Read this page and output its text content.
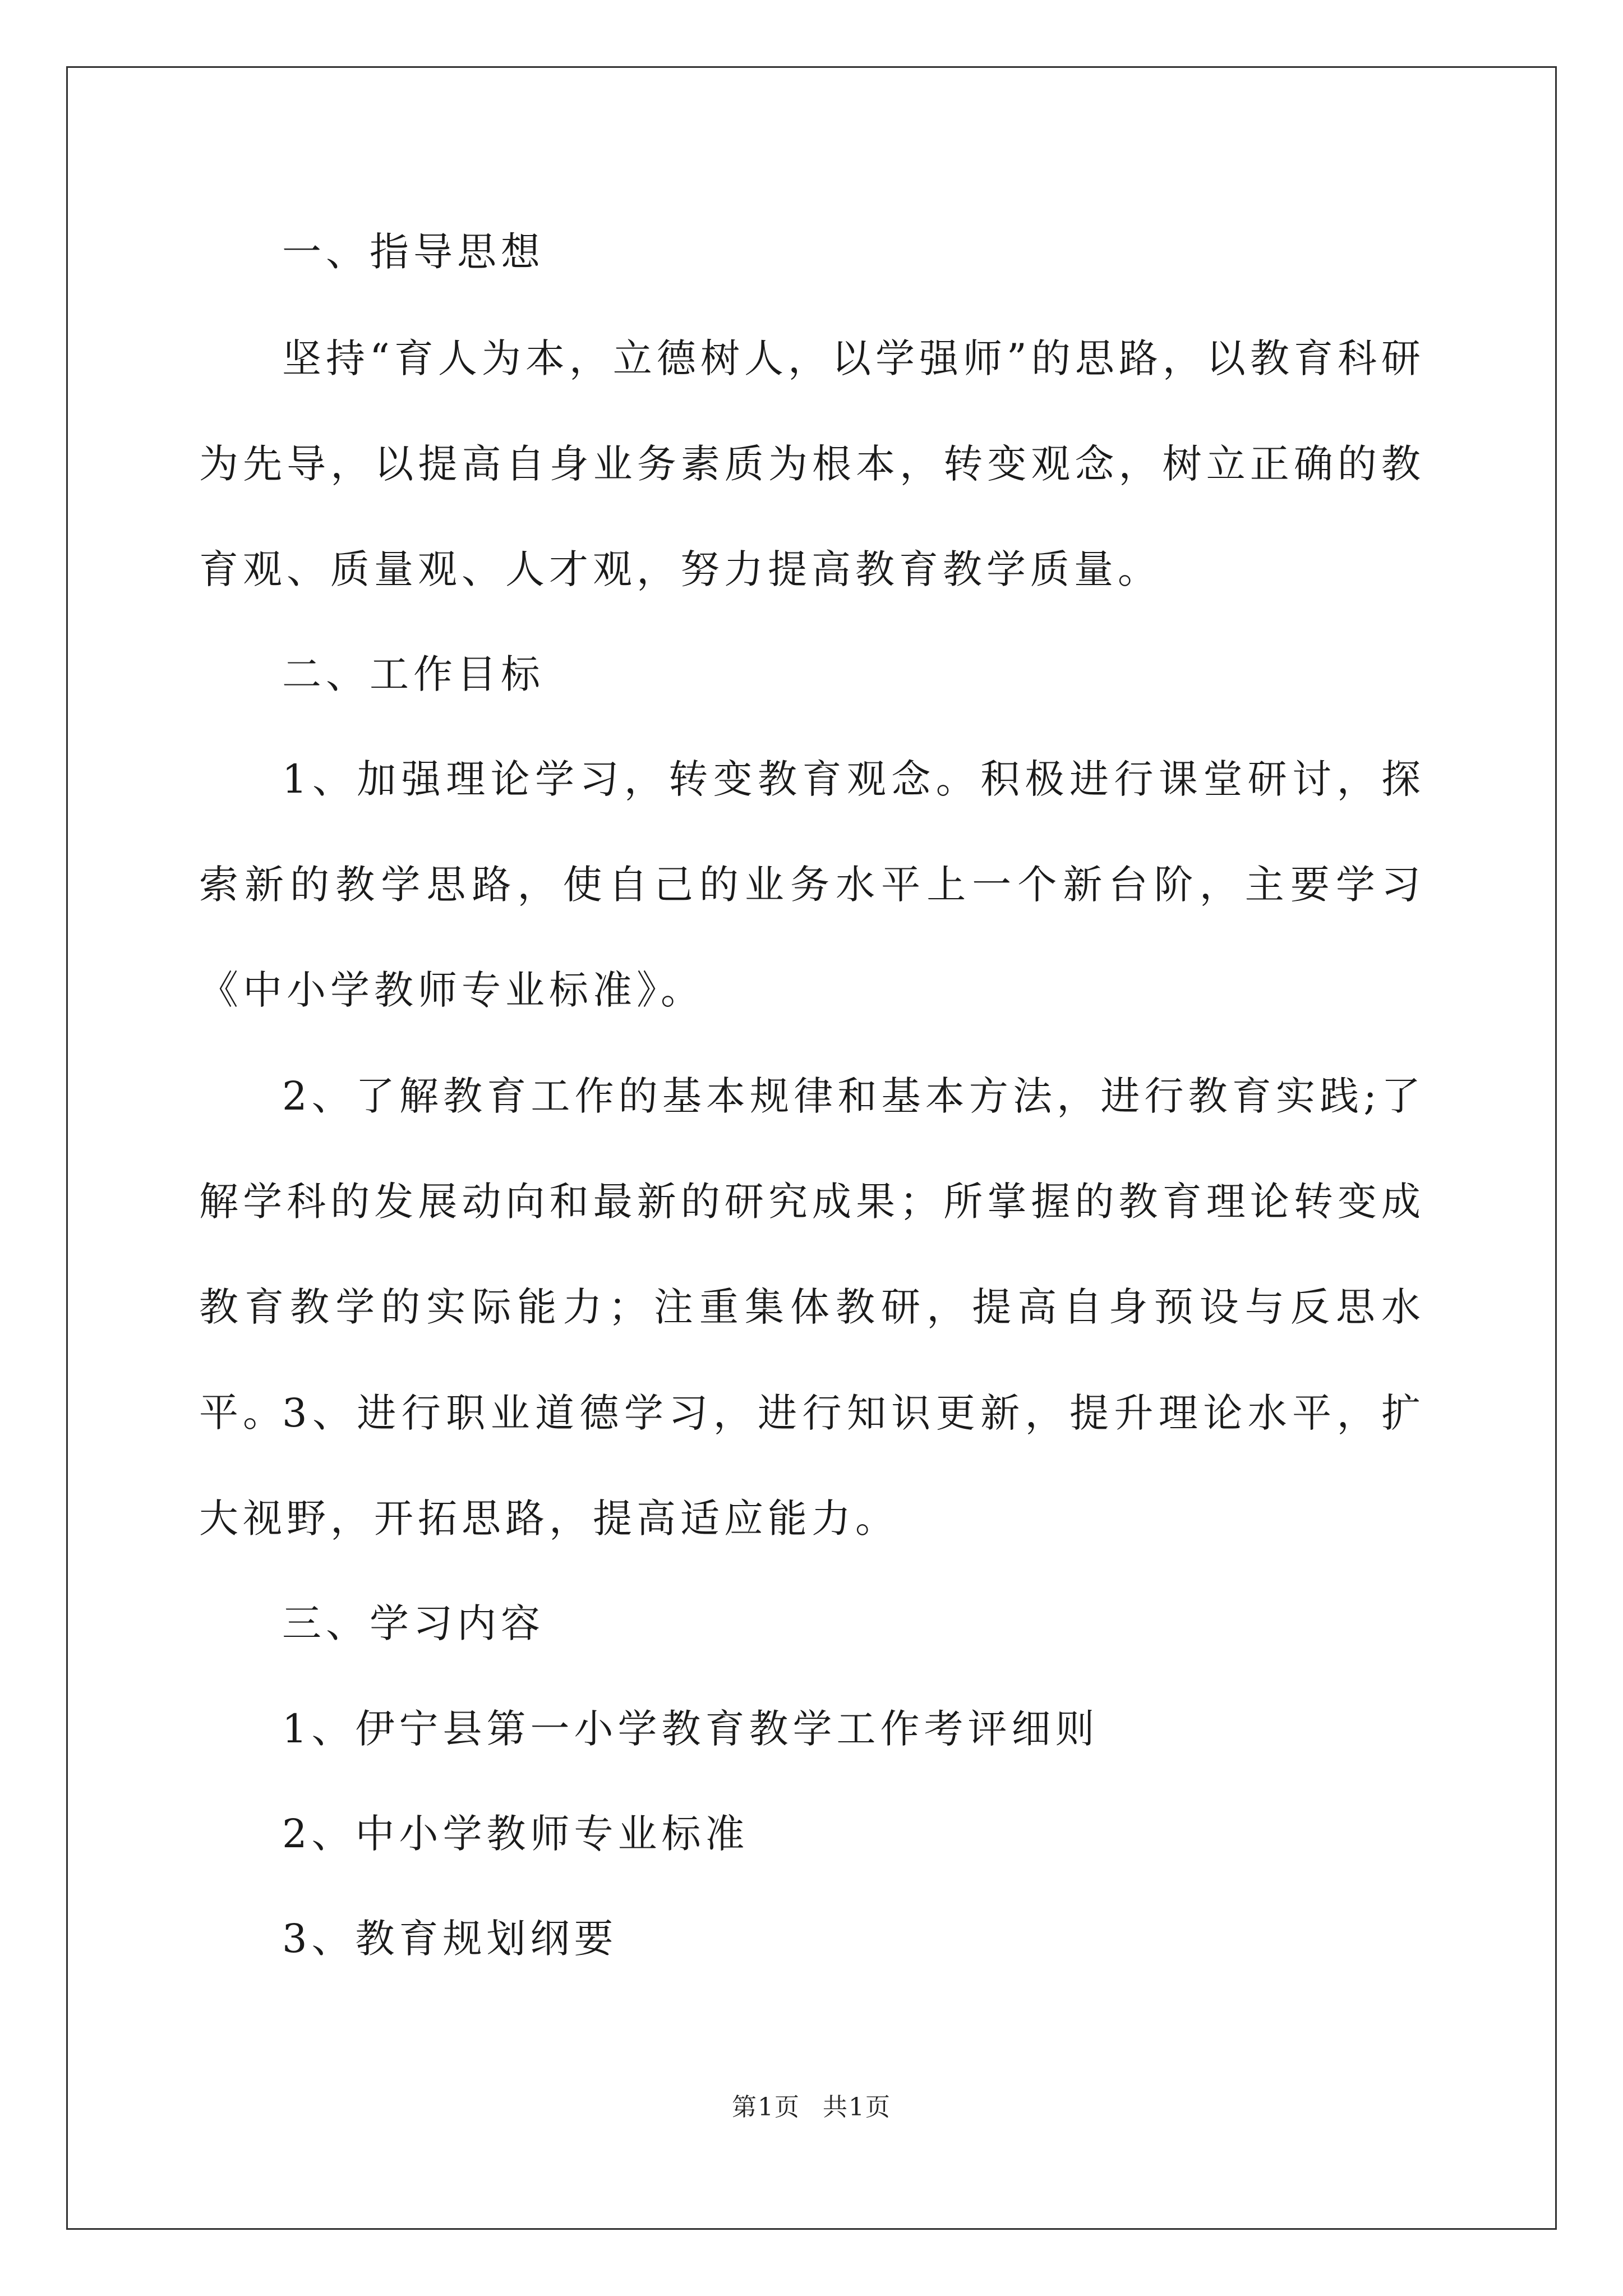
一、指导思想

坚持“育人为本，立德树人，以学强师”的思路，以教育科研为先导，以提高自身业务素质为根本，转变观念，树立正确的教育观、质量观、人才观，努力提高教育教学质量。

二、工作目标

1、加强理论学习，转变教育观念。积极进行课堂研讨，探索新的教学思路，使自己的业务水平上一个新台阶，主要学习《中小学教师专业标准》。

2、了解教育工作的基本规律和基本方法，进行教育实践;了解学科的发展动向和最新的研究成果；所掌握的教育理论转变成教育教学的实际能力；注重集体教研，提高自身预设与反思水平。

3、进行职业道德学习，进行知识更新，提升理论水平，扩大视野，开拓思路，提高适应能力。

三、学习内容

1、伊宁县第一小学教育教学工作考评细则

2、中小学教师专业标准

3、教育规划纲要

第1页 共1页
